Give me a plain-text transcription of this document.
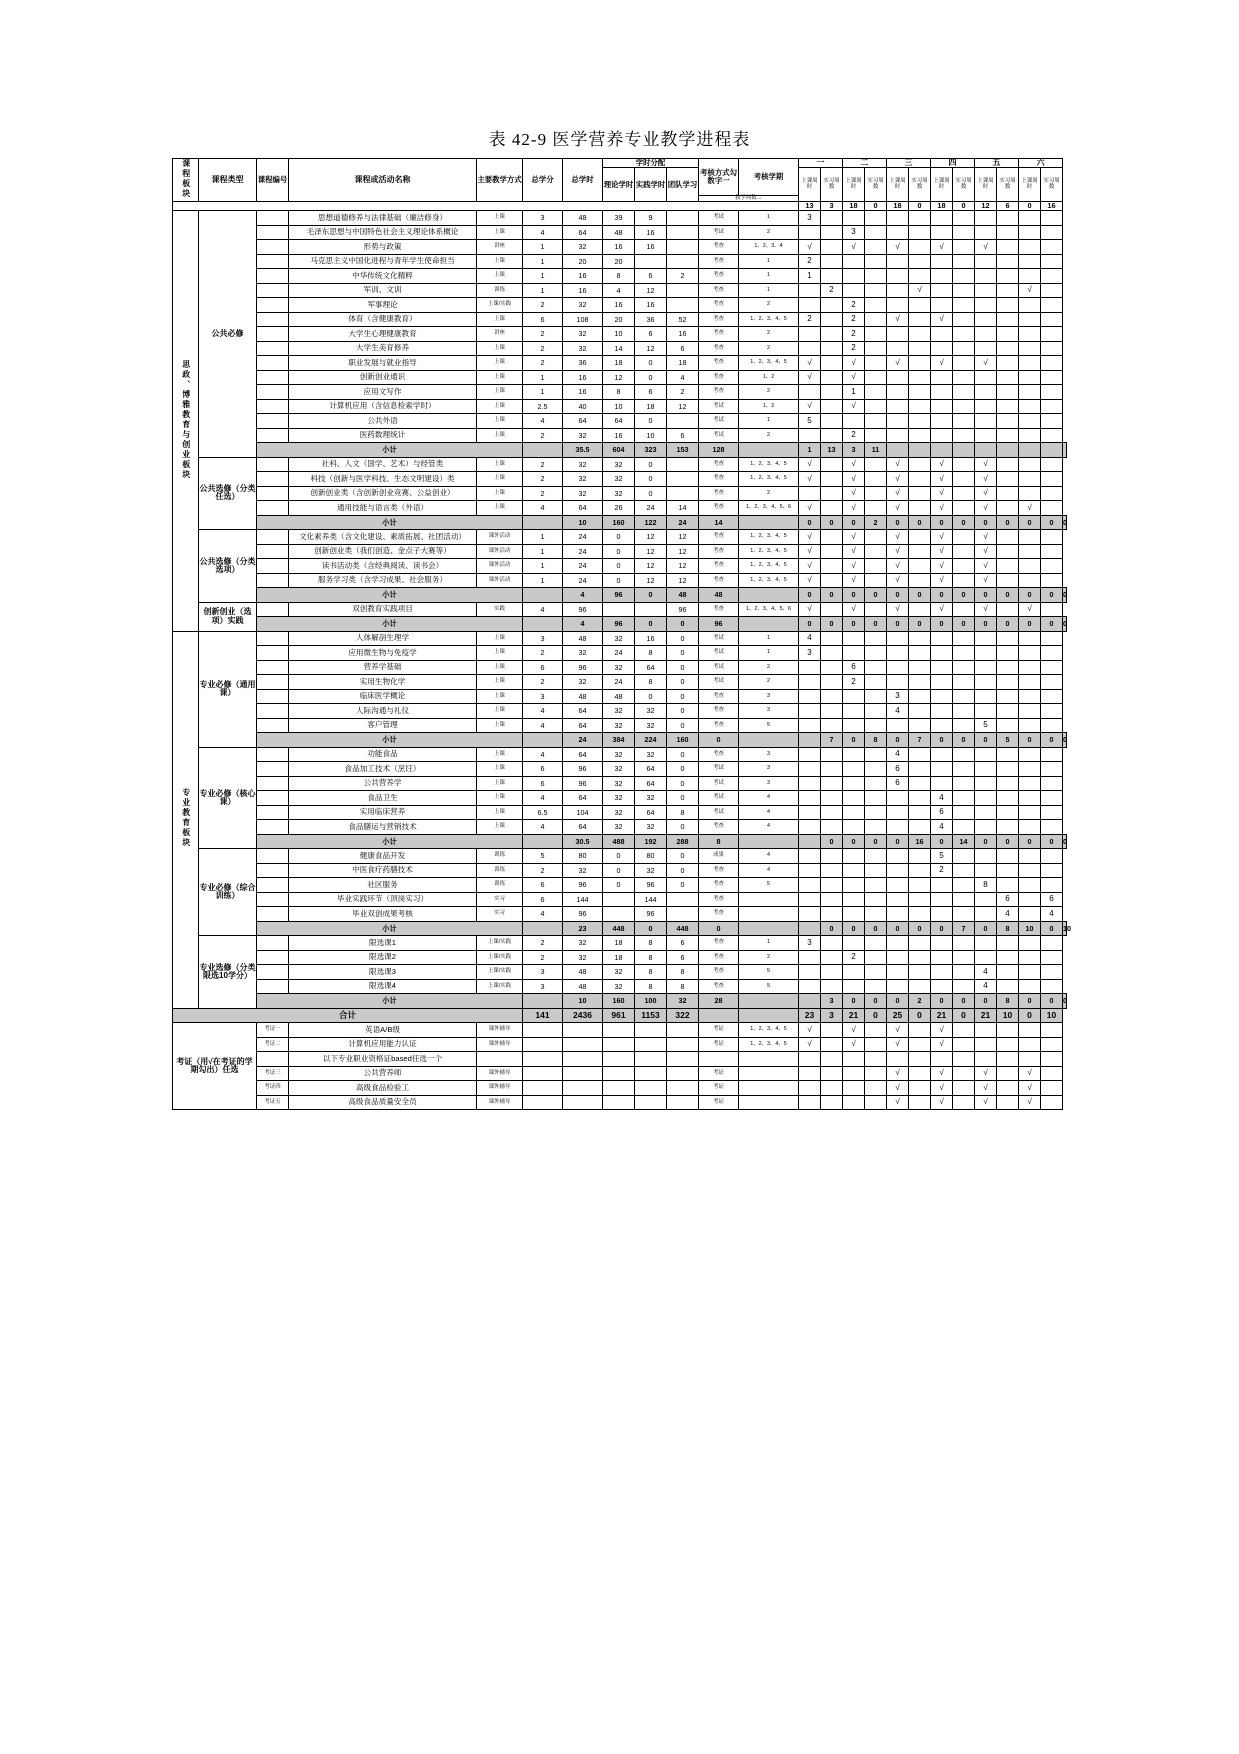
表 42-9 医学营养专业教学进程表
课程板块	课程类型	课程编号	课程或活动名称	主要教学方式	总学分	总学时	学时分配			考核方式勾数字一	考核学期	一		二		三		四		五		六		
							理论学时	实践学时	团队学习			上课周时	实习周数	上课周时	实习周数	上课周时	实习周数	上课周时	实习周数	上课周时	实习周数	上课周时	实习周数	

										教学周数→														
												13	3	18	0	18	0	18	0	12	6	0	16	
思政、博雅教育与创业板块	公共必修		思想道德修养与法律基础（廉洁修身）	上课	3	48	39	9		考试	1	3												
			毛泽东思想与中国特色社会主义理论体系概论	上课	4	64	48	16		考试	2			3										
			形势与政策	讲座	1	32	16	16		考查	1、2、3、4	√		√		√		√		√				
			马克思主义中国化进程与青年学生使命担当	上课	1	20	20			考查	1	2												
			中华传统文化精粹	上课	1	16	8	6	2	考查	1	1												
			军训、文训	训练	1	16	4	12		考查	1		2				√					√		
			军事理论	上课/实践	2	32	16	16		考查	2			2										
			体育（含健康教育）	上课	6	108	20	36	52	考查	1、2、3、4、5	2		2		√		√						
			大学生心理健康教育	讲座	2	32	10	6	16	考查	2			2										
			大学生美育修养	上课	2	32	14	12	6	考查	2			2										
			职业发展与就业指导	上课	2	36	18	0	18	考查	1、2、3、4、5	√		√		√		√		√				
			创新创业通识	上课	1	16	12	0	4	考查	1、2	√		√										
			应用文写作	上课	1	16	8	6	2	考查	2			1										
			计算机应用（含信息检索学时）	上课	2.5	40	10	18	12	考试	1、2	√		√										
			公共外语	上课	4	64	64	0		考试	1	5												
			医药数理统计	上课	2	32	16	10	6	考试	2			2										
		小计				35.5	604	323	153	128		1	13	3	11									
	公共选修（分类任选）		社科、人文（国学、艺术）与经管类	上课	2	32	32	0		考查	1、2、3、4、5	√		√		√		√		√				
			科技（创新与医学科技、生态文明建设）类	上课	2	32	32	0		考查	1、2、3、4、5	√		√		√		√		√				
			创新创业类（含创新创业竞赛、公益创业）	上课	2	32	32	0		考查	2			√		√		√		√				
			通用技能与语言类（外语）	上课	4	64	26	24	14	考查	1、2、3、4、5、6	√		√		√		√		√		√		
		小计				10	160	122	24	14		0	0	0	2	0	0	0	0	0	0	0	0	0
	公共选修（分类选项）		文化素养类（含文化建设、素质拓展、社团活动）	课外活动	1	24	0	12	12	考查	1、2、3、4、5	√		√		√		√		√				
			创新创业类（我们创造、金点子大赛等）	课外活动	1	24	0	12	12	考查	1、2、3、4、5	√		√		√		√		√				
			读书活动类（含经典阅读、读书会）	课外活动	1	24	0	12	12	考查	1、2、3、4、5	√		√		√		√		√				
			服务学习类（含学习成果、社会服务）	课外活动	1	24	0	12	12	考查	1、2、3、4、5	√		√		√		√		√				
		小计				4	96	0	48	48		0	0	0	0	0	0	0	0	0	0	0	0	0
	创新创业（选项）实践		双创教育实践项目	实践	4	96			96	考查	1、2、3、4、5、6	√		√		√		√		√		√		
		小计				4	96	0	0	96		0	0	0	0	0	0	0	0	0	0	0	0	0
专业教育板块	专业必修（通用课）		人体解剖生理学	上课	3	48	32	16	0	考试	1	4												
			应用微生物与免疫学	上课	2	32	24	8	0	考试	1	3												
			营养学基础	上课	6	96	32	64	0	考试	2			6										
			实用生物化学	上课	2	32	24	8	0	考试	2			2										
			临床医学概论	上课	3	48	48	0	0	考查	3					3								
			人际沟通与礼仪	上课	4	64	32	32	0	考查	3					4								
			客户管理	上课	4	64	32	32	0	考查	5									5				
		小计				24	384	224	160	0			7	0	8	0	7	0	0	0	5	0	0	0
	专业必修（核心课）		功能食品	上课	4	64	32	32	0	考查	3					4								
			食品加工技术（烹饪）	上课	6	96	32	64	0	考试	3					6								
			公共营养学	上课	6	96	32	64	0	考试	3					6								
			食品卫生	上课	4	64	32	32	0	考试	4							4						
			实用临床营养	上课	6.5	104	32	64	8	考试	4							6						
			食品膳运与营销技术	上课	4	64	32	32	0	考查	4							4						
		小计				30.5	488	192	288	8			0	0	0	0	16	0	14	0	0	0	0	0
	专业必修（综合训练）		健康食品开发	训练	5	80	0	80	0	成果	4							5						
			中医食疗药膳技术	训练	2	32	0	32	0	考查	4							2						
			社区服务	训练	6	96	0	96	0	考查	5									8				
			毕业实践环节（顶岗实习）	实习	6	144		144		考查											6		6	
			毕业双创成果考核	实习	4	96		96		考查											4		4	
		小计				23	448	0	448	0			0	0	0	0	0	0	7	0	8	10	0	10
	专业选修（分类限选10学分）		限选课1	上课/实践	2	32	18	8	6	考查	1	3												
			限选课2	上课/实践	2	32	18	8	6	考查	2			2										
			限选课3	上课/实践	3	48	32	8	8	考查	5									4				
			限选课4	上课/实践	3	48	32	8	8	考查	5									4				
		小计				10	160	100	32	28			3	0	0	0	2	0	0	0	8	0	0	0
合计					141	2436	961	1153	322			23	3	21	0	25	0	21	0	21	10	0	10	
考证（用√在考证的学期勾出）任选		考证一	英语A/B级	课外辅导						考证	1、2、3、4、5	√		√		√		√						
		考证二	计算机应用能力认证	课外辅导						考证	1、2、3、4、5	√		√		√		√						
			以下专业职业资格证based任选一个																					
		考证三	公共营养师	课外辅导						考证						√		√		√		√		
		考证四	高级食品检验工	课外辅导						考证						√		√		√		√		
		考证五	高级食品质量安全员	课外辅导						考证						√		√		√		√		
